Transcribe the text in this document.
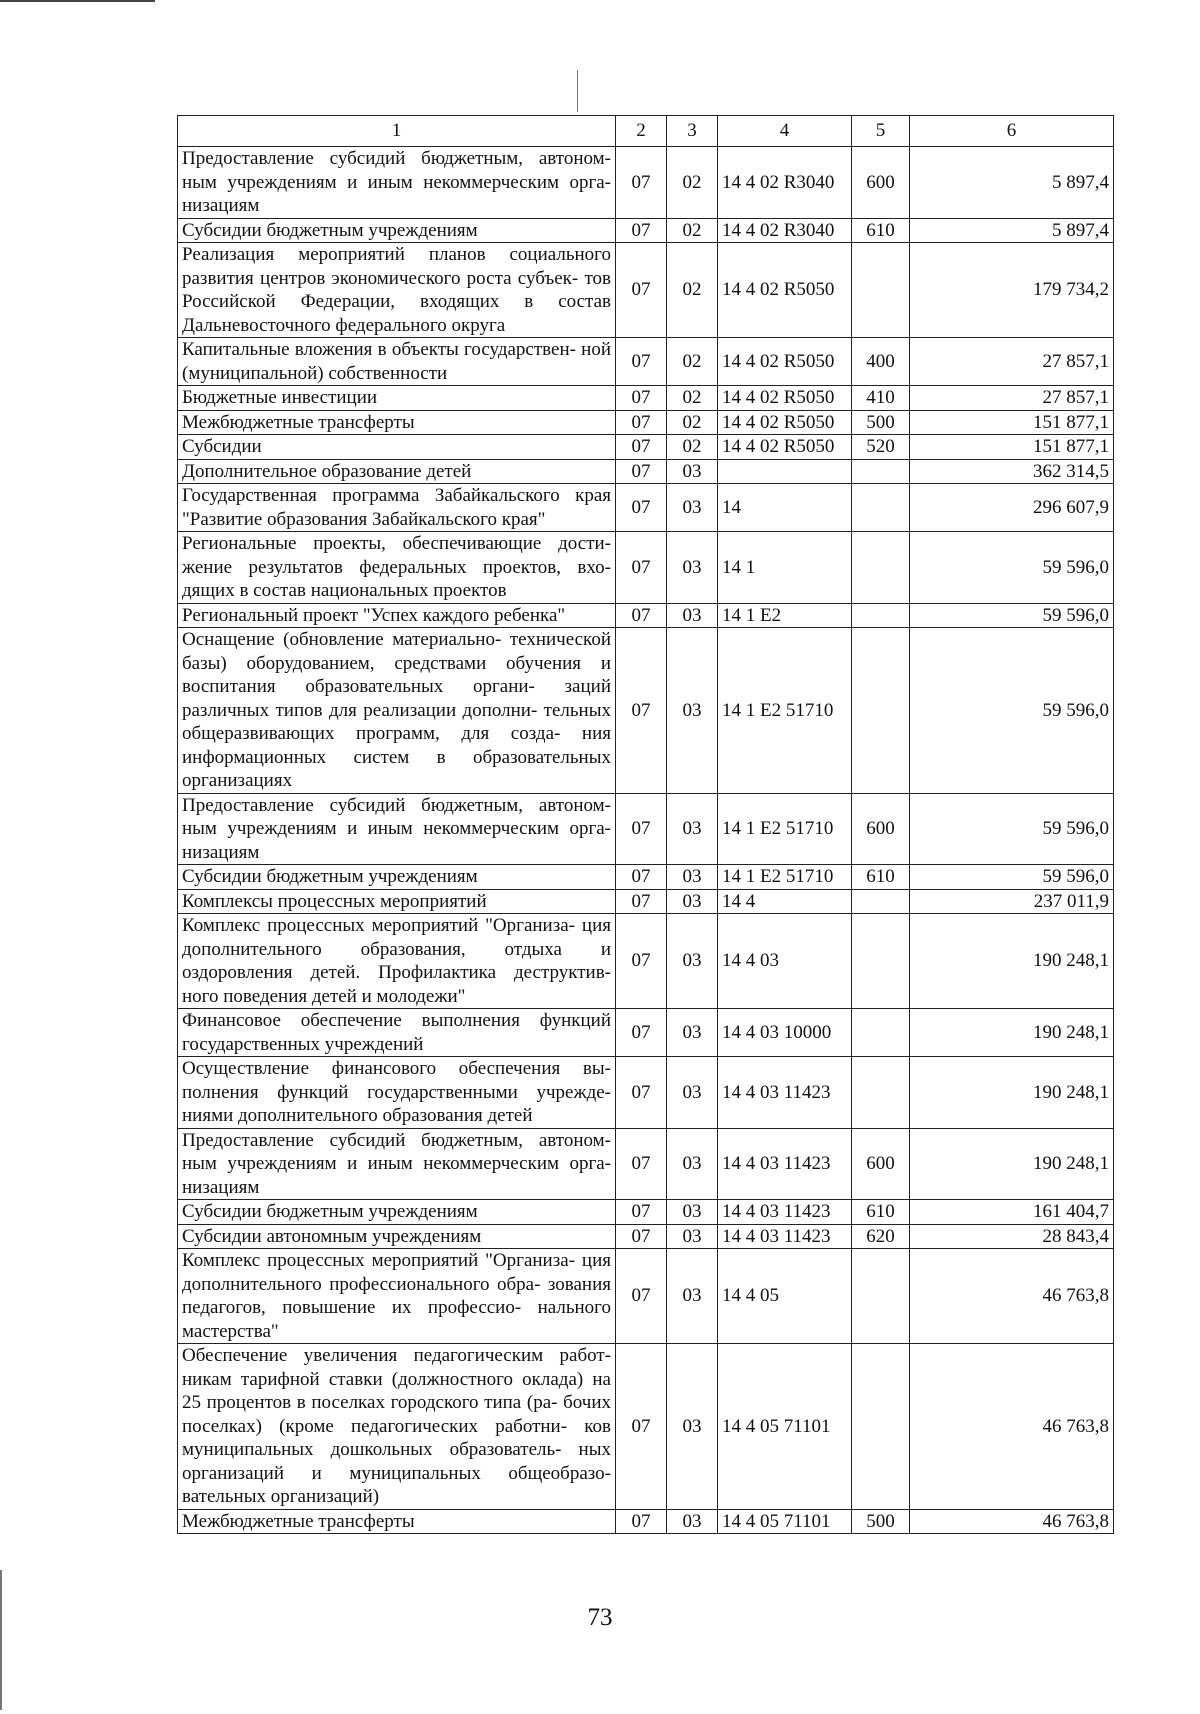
1	2	3	4	5	6
Предоставление субсидий бюджетным, автоном- ным учреждениям и иным некоммерческим орга- низациям	07	02	14 4 02 R3040	600	5 897,4
Субсидии бюджетным учреждениям	07	02	14 4 02 R3040	610	5 897,4
Реализация мероприятий планов социального развития центров экономического роста субъек- тов Российской Федерации, входящих в состав Дальневосточного федерального округа	07	02	14 4 02 R5050		179 734,2
Капитальные вложения в объекты государствен- ной (муниципальной) собственности	07	02	14 4 02 R5050	400	27 857,1
Бюджетные инвестиции	07	02	14 4 02 R5050	410	27 857,1
Межбюджетные трансферты	07	02	14 4 02 R5050	500	151 877,1
Субсидии	07	02	14 4 02 R5050	520	151 877,1
Дополнительное образование детей	07	03			362 314,5
Государственная программа Забайкальского края "Развитие образования Забайкальского края"	07	03	14		296 607,9
Региональные проекты, обеспечивающие дости- жение результатов федеральных проектов, вхо- дящих в состав национальных проектов	07	03	14 1		59 596,0
Региональный проект "Успех каждого ребенка"	07	03	14 1 E2		59 596,0
Оснащение (обновление материально- технической базы) оборудованием, средствами обучения и воспитания образовательных органи- заций различных типов для реализации дополни- тельных общеразвивающих программ, для созда- ния информационных систем в образовательных организациях	07	03	14 1 E2 51710		59 596,0
Предоставление субсидий бюджетным, автоном- ным учреждениям и иным некоммерческим орга- низациям	07	03	14 1 E2 51710	600	59 596,0
Субсидии бюджетным учреждениям	07	03	14 1 E2 51710	610	59 596,0
Комплексы процессных мероприятий	07	03	14 4		237 011,9
Комплекс процессных мероприятий "Организа- ция дополнительного образования, отдыха и оздоровления детей. Профилактика деструктив- ного поведения детей и молодежи"	07	03	14 4 03		190 248,1
Финансовое обеспечение выполнения функций государственных учреждений	07	03	14 4 03 10000		190 248,1
Осуществление финансового обеспечения вы- полнения функций государственными учрежде- ниями дополнительного образования детей	07	03	14 4 03 11423		190 248,1
Предоставление субсидий бюджетным, автоном- ным учреждениям и иным некоммерческим орга- низациям	07	03	14 4 03 11423	600	190 248,1
Субсидии бюджетным учреждениям	07	03	14 4 03 11423	610	161 404,7
Субсидии автономным учреждениям	07	03	14 4 03 11423	620	28 843,4
Комплекс процессных мероприятий "Организа- ция дополнительного профессионального обра- зования педагогов, повышение их профессио- нального мастерства"	07	03	14 4 05		46 763,8
Обеспечение увеличения педагогическим работ- никам тарифной ставки (должностного оклада) на 25 процентов в поселках городского типа (ра- бочих поселках) (кроме педагогических работни- ков муниципальных дошкольных образователь- ных организаций и муниципальных общеобразо- вательных организаций)	07	03	14 4 05 71101		46 763,8
Межбюджетные трансферты	07	03	14 4 05 71101	500	46 763,8
73
